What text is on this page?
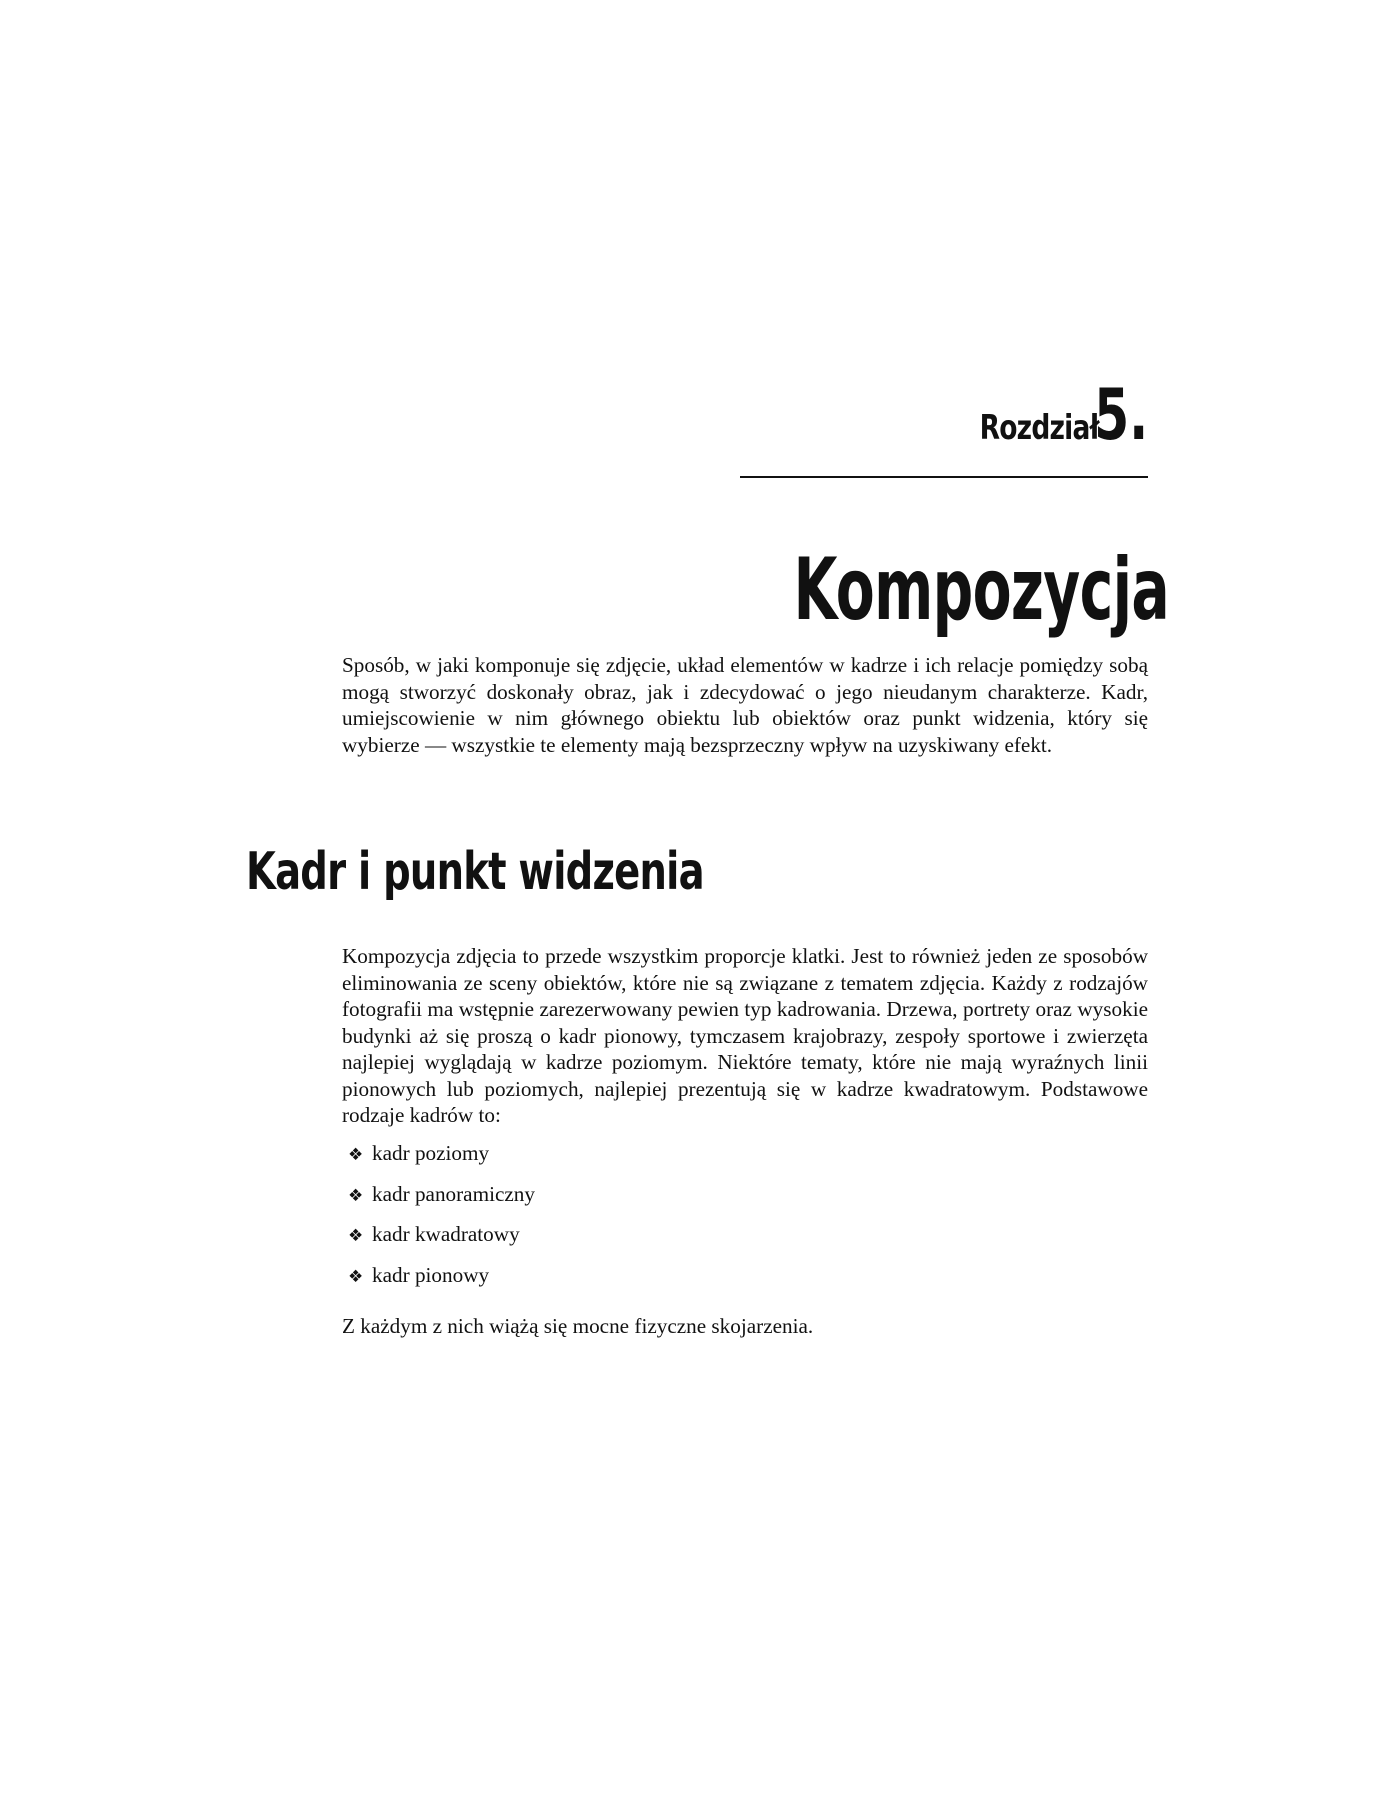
Rozdział 5.
Kompozycja

Sposób, w jaki komponuje się zdjęcie, układ elementów w kadrze i ich relacje pomiędzy sobą mogą stworzyć doskonały obraz, jak i zdecydować o jego nieudanym charakterze. Kadr, umiejscowienie w nim głównego obiektu lub obiektów oraz punkt widzenia, który się wybierze — wszystkie te elementy mają bezsprzeczny wpływ na uzyskiwany efekt.

Kadr i punkt widzenia

Kompozycja zdjęcia to przede wszystkim proporcje klatki. Jest to również jeden ze sposobów eliminowania ze sceny obiektów, które nie są związane z tematem zdjęcia. Każdy z rodzajów fotografii ma wstępnie zarezerwowany pewien typ kadrowania. Drzewa, portrety oraz wysokie budynki aż się proszą o kadr pionowy, tymczasem krajobrazy, zespoły sportowe i zwierzęta najlepiej wyglądają w kadrze poziomym. Niektóre tematy, które nie mają wyraźnych linii pionowych lub poziomych, najlepiej prezentują się w kadrze kwadratowym. Podstawowe rodzaje kadrów to:

❖ kadr poziomy
❖ kadr panoramiczny
❖ kadr kwadratowy
❖ kadr pionowy

Z każdym z nich wiążą się mocne fizyczne skojarzenia.
